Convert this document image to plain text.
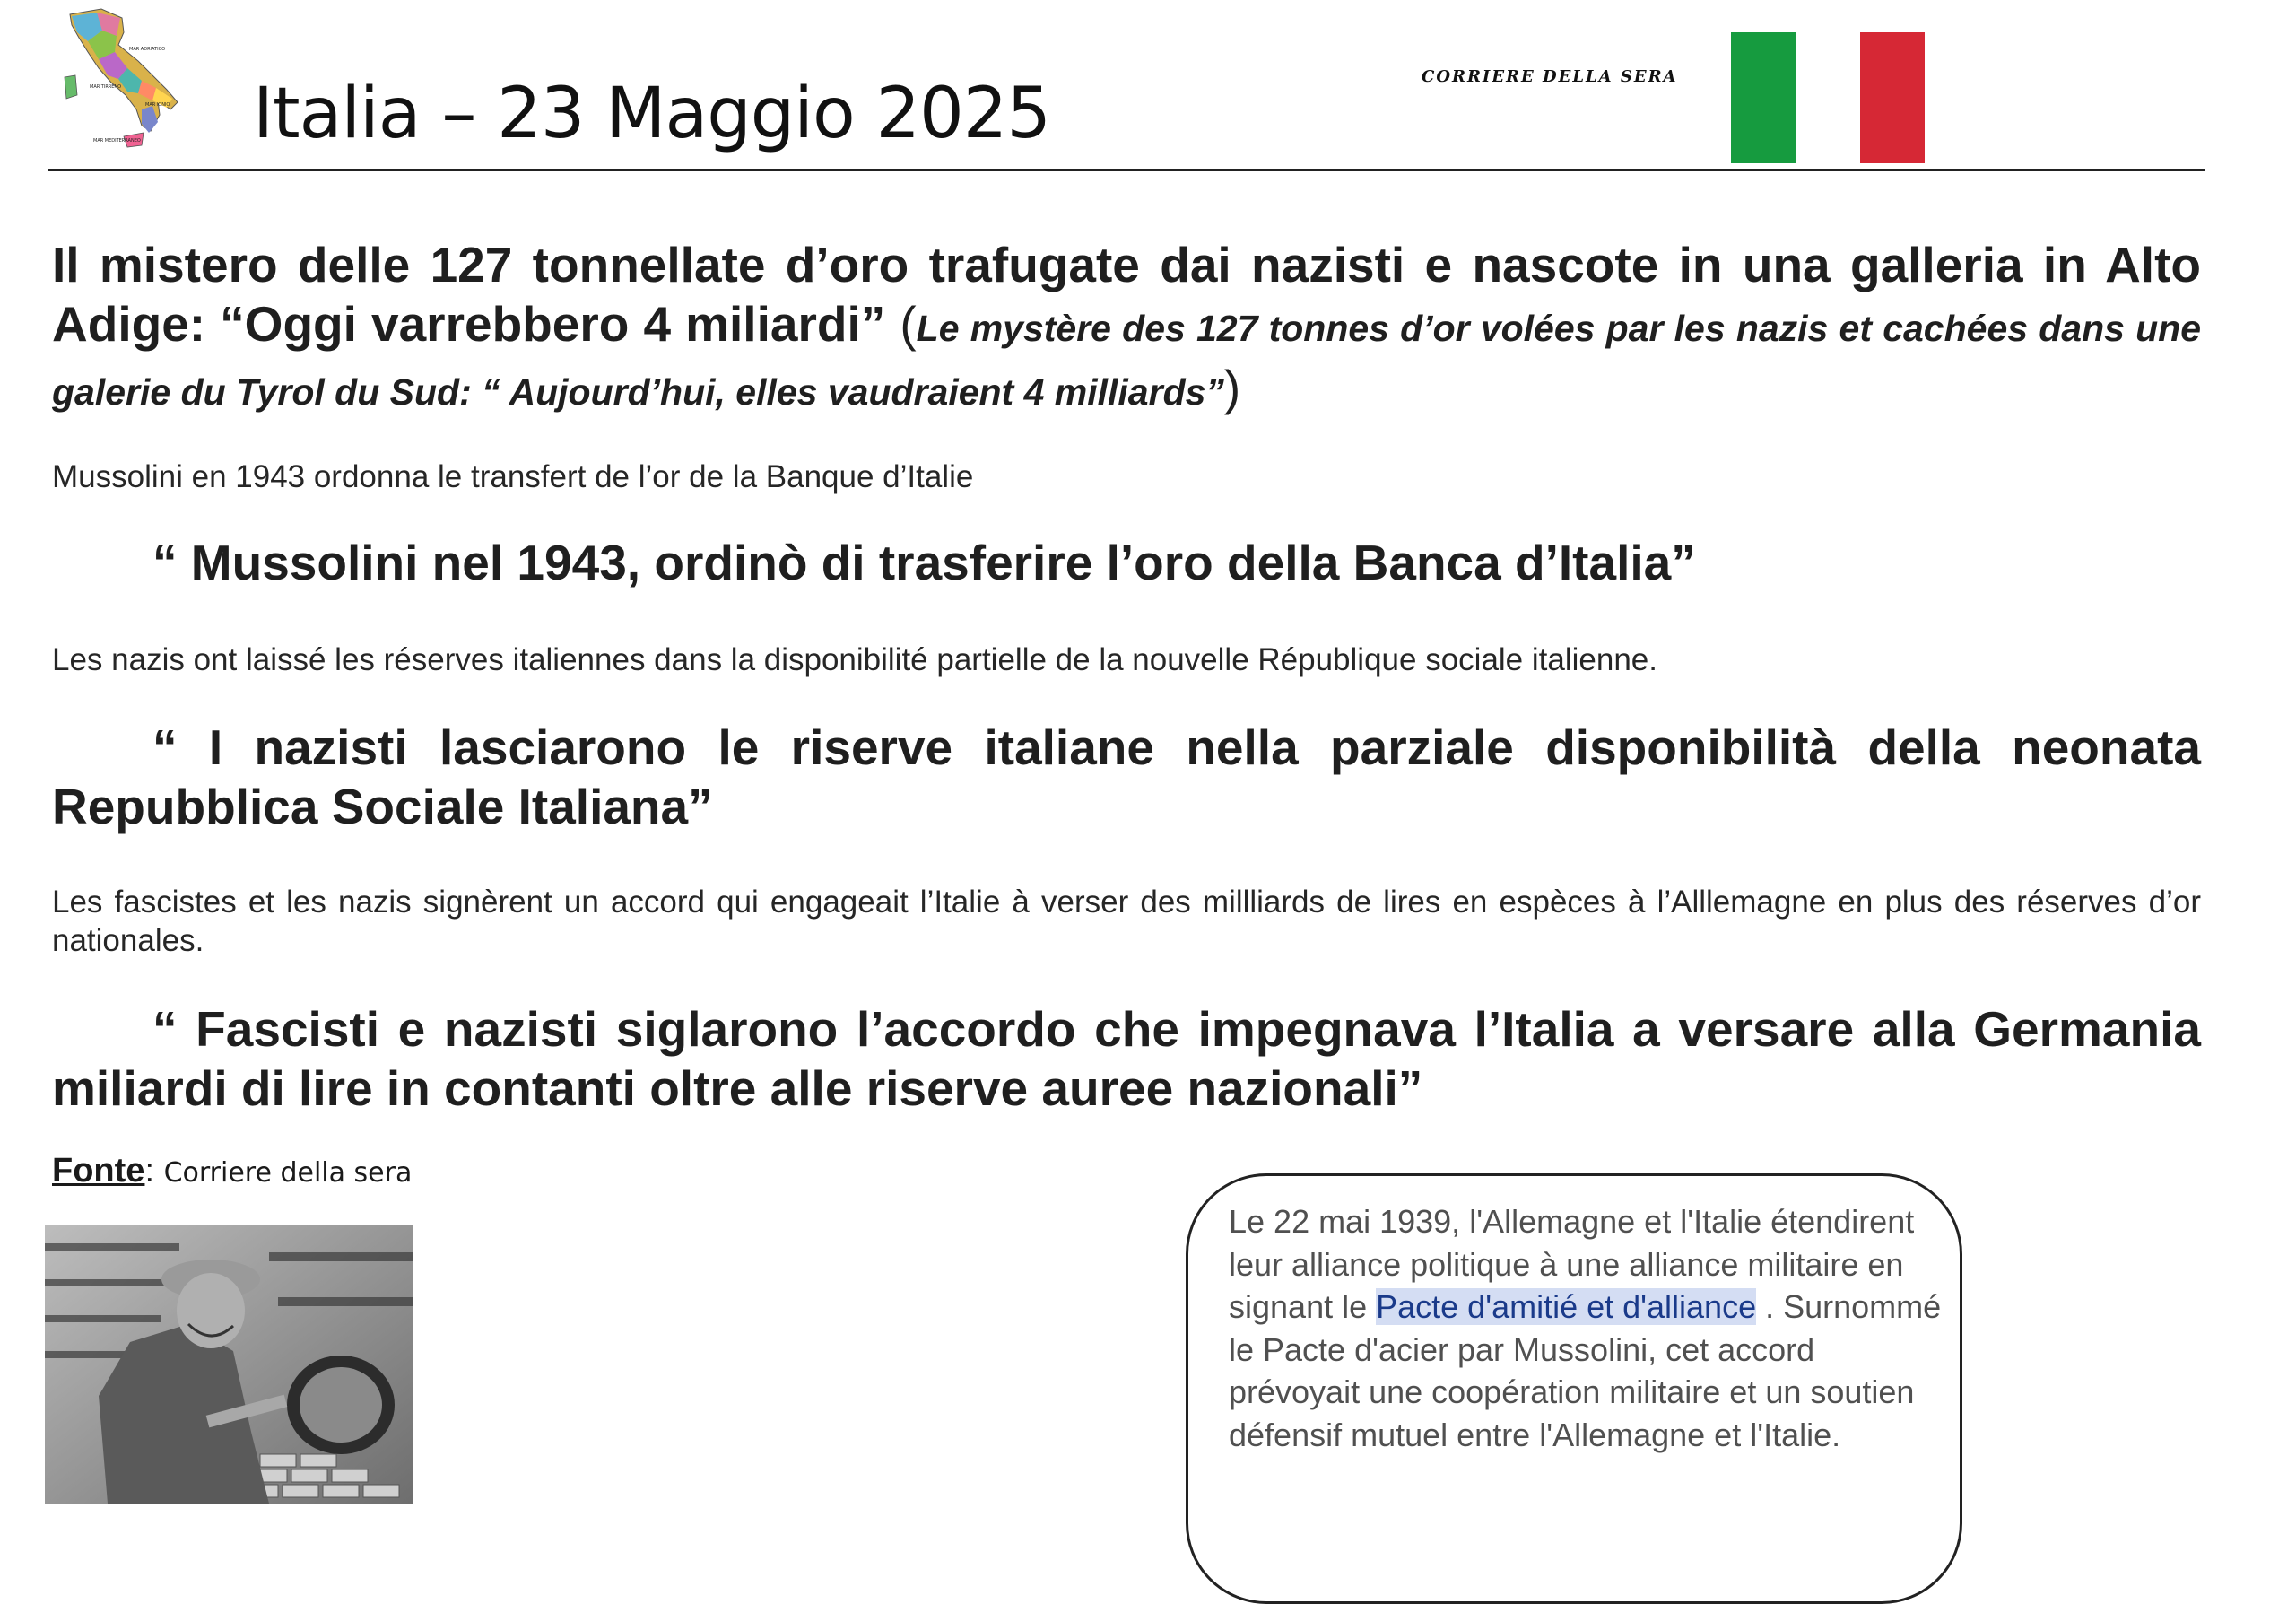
MAR ADRIATICO
MAR TIRRENO
MAR IONIO
MAR MEDITERRANEO Italia – 23 Maggio 2025	CORRIERE DELLA SERA
Il mistero delle 127 tonnellate d’oro trafugate dai nazisti e nascote in una galleria in Alto Adige: “Oggi varrebbero 4 miliardi” (Le mystère des 127 tonnes d’or volées par les nazis et cachées dans une galerie du Tyrol du Sud: “ Aujourd’hui, elles vaudraient 4 milliards”)
Mussolini en 1943 ordonna le transfert de l’or de la Banque d’Italie
“ Mussolini nel 1943, ordinò di trasferire l’oro della Banca d’Italia”
Les nazis ont laissé les réserves italiennes dans la disponibilité partielle de la nouvelle République sociale italienne.
“ I nazisti lasciarono le riserve italiane nella parziale disponibilità della neonata Repubblica Sociale Italiana”
Les fascistes et les nazis signèrent un accord qui engageait l’Italie à verser des millliards de lires en espèces à l’Alllemagne en plus des réserves d’or nationales.
“ Fascisti e nazisti siglarono l’accordo che impegnava l’Italia a versare alla Germania miliardi di lire in contanti oltre alle riserve auree nazionali”
Fonte: Corriere della sera
Le 22 mai 1939, l'Allemagne et l'Italie étendirent leur alliance politique à une alliance militaire en signant le Pacte d'amitié et d'alliance . Surnommé le Pacte d'acier par Mussolini, cet accord prévoyait une coopération militaire et un soutien défensif mutuel entre l'Allemagne et l'Italie.
